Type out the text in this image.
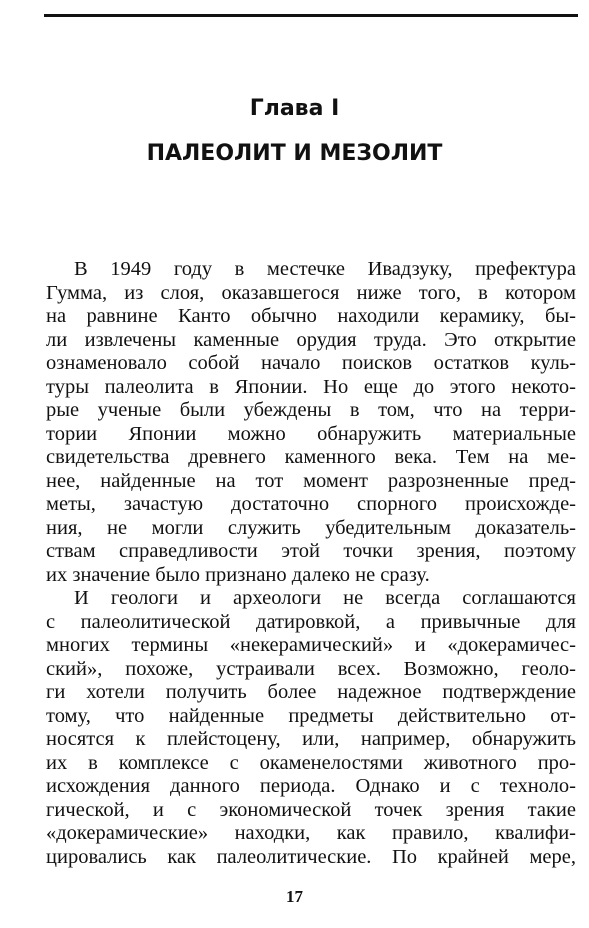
Глава I
ПАЛЕОЛИТ И МЕЗОЛИТ
В 1949 году в местечке Ивадзуку, префектура
Гумма, из слоя, оказавшегося ниже того, в котором
на равнине Канто обычно находили керамику, бы-
ли извлечены каменные орудия труда. Это открытие
ознаменовало собой начало поисков остатков куль-
туры палеолита в Японии. Но еще до этого некото-
рые ученые были убеждены в том, что на терри-
тории Японии можно обнаружить материальные
свидетельства древнего каменного века. Тем на ме-
нее, найденные на тот момент разрозненные пред-
меты, зачастую достаточно спорного происхожде-
ния, не могли служить убедительным доказатель-
ствам справедливости этой точки зрения, поэтому
их значение было признано далеко не сразу.
И геологи и археологи не всегда соглашаются
с палеолитической датировкой, а привычные для
многих термины «некерамический» и «докерамичес-
ский», похоже, устраивали всех. Возможно, геоло-
ги хотели получить более надежное подтверждение
тому, что найденные предметы действительно от-
носятся к плейстоцену, или, например, обнаружить
их в комплексе с окаменелостями животного про-
исхождения данного периода. Однако и с техноло-
гической, и с экономической точек зрения такие
«докерамические» находки, как правило, квалифи-
цировались как палеолитические. По крайней мере,
17
